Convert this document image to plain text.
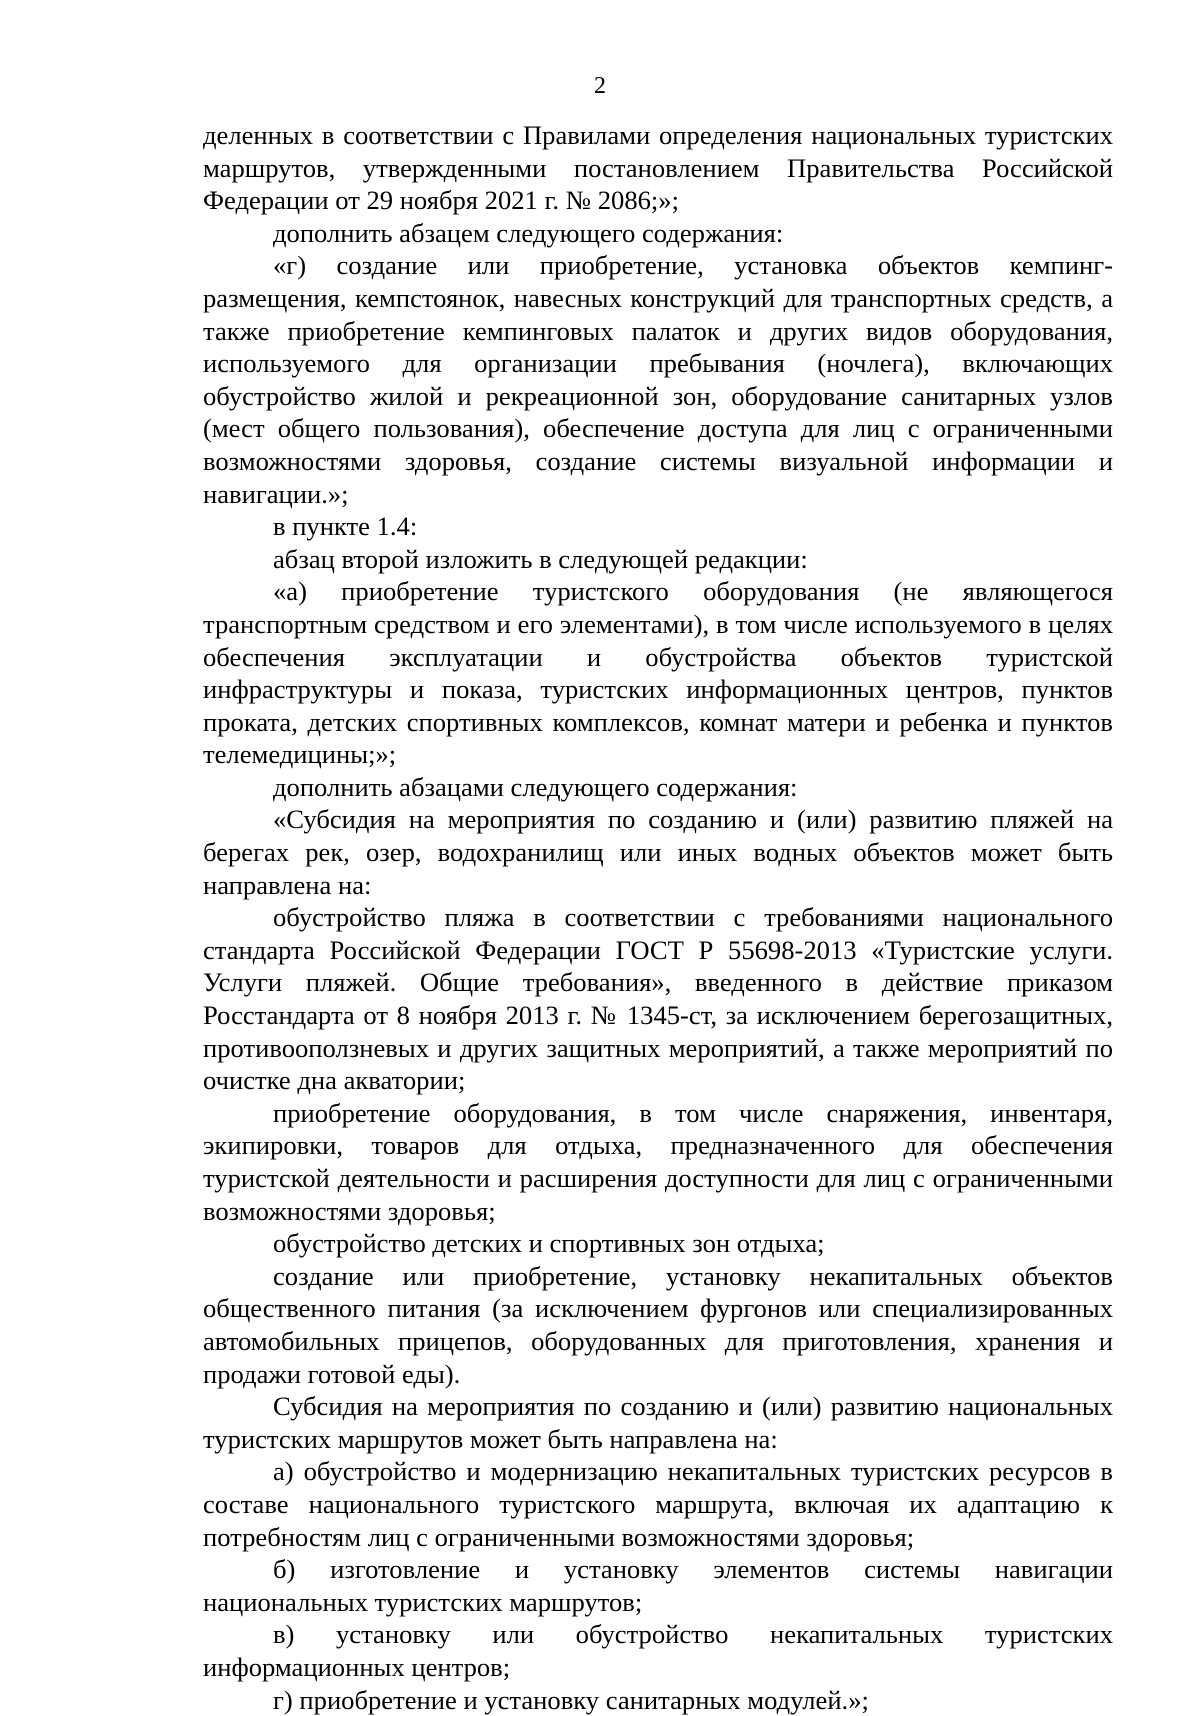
2

деленных в соответствии с Правилами определения национальных туристских маршрутов, утвержденными постановлением Правительства Российской Федерации от 29 ноября 2021 г. № 2086;»;

дополнить абзацем следующего содержания:

«г) создание или приобретение, установка объектов кемпинг-размещения, кемпстоянок, навесных конструкций для транспортных средств, а также приобретение кемпинговых палаток и других видов оборудования, используемого для организации пребывания (ночлега), включающих обустройство жилой и рекреационной зон, оборудование санитарных узлов (мест общего пользования), обеспечение доступа для лиц с ограниченными возможностями здоровья, создание системы визуальной информации и навигации.»;

в пункте 1.4:

абзац второй изложить в следующей редакции:

«а) приобретение туристского оборудования (не являющегося транспортным средством и его элементами), в том числе используемого в целях обеспечения эксплуатации и обустройства объектов туристской инфраструктуры и показа, туристских информационных центров, пунктов проката, детских спортивных комплексов, комнат матери и ребенка и пунктов телемедицины;»;

дополнить абзацами следующего содержания:

«Субсидия на мероприятия по созданию и (или) развитию пляжей на берегах рек, озер, водохранилищ или иных водных объектов может быть направлена на:

обустройство пляжа в соответствии с требованиями национального стандарта Российской Федерации ГОСТ Р 55698-2013 «Туристские услуги. Услуги пляжей. Общие требования», введенного в действие приказом Росстандарта от 8 ноября 2013 г. № 1345-ст, за исключением берегозащитных, противооползневых и других защитных мероприятий, а также мероприятий по очистке дна акватории;

приобретение оборудования, в том числе снаряжения, инвентаря, экипировки, товаров для отдыха, предназначенного для обеспечения туристской деятельности и расширения доступности для лиц с ограниченными возможностями здоровья;

обустройство детских и спортивных зон отдыха;

создание или приобретение, установку некапитальных объектов общественного питания (за исключением фургонов или специализированных автомобильных прицепов, оборудованных для приготовления, хранения и продажи готовой еды).

Субсидия на мероприятия по созданию и (или) развитию национальных туристских маршрутов может быть направлена на:

а) обустройство и модернизацию некапитальных туристских ресурсов в составе национального туристского маршрута, включая их адаптацию к потребностям лиц с ограниченными возможностями здоровья;

б) изготовление и установку элементов системы навигации национальных туристских маршрутов;

в) установку или обустройство некапитальных туристских информационных центров;

г) приобретение и установку санитарных модулей.»;
